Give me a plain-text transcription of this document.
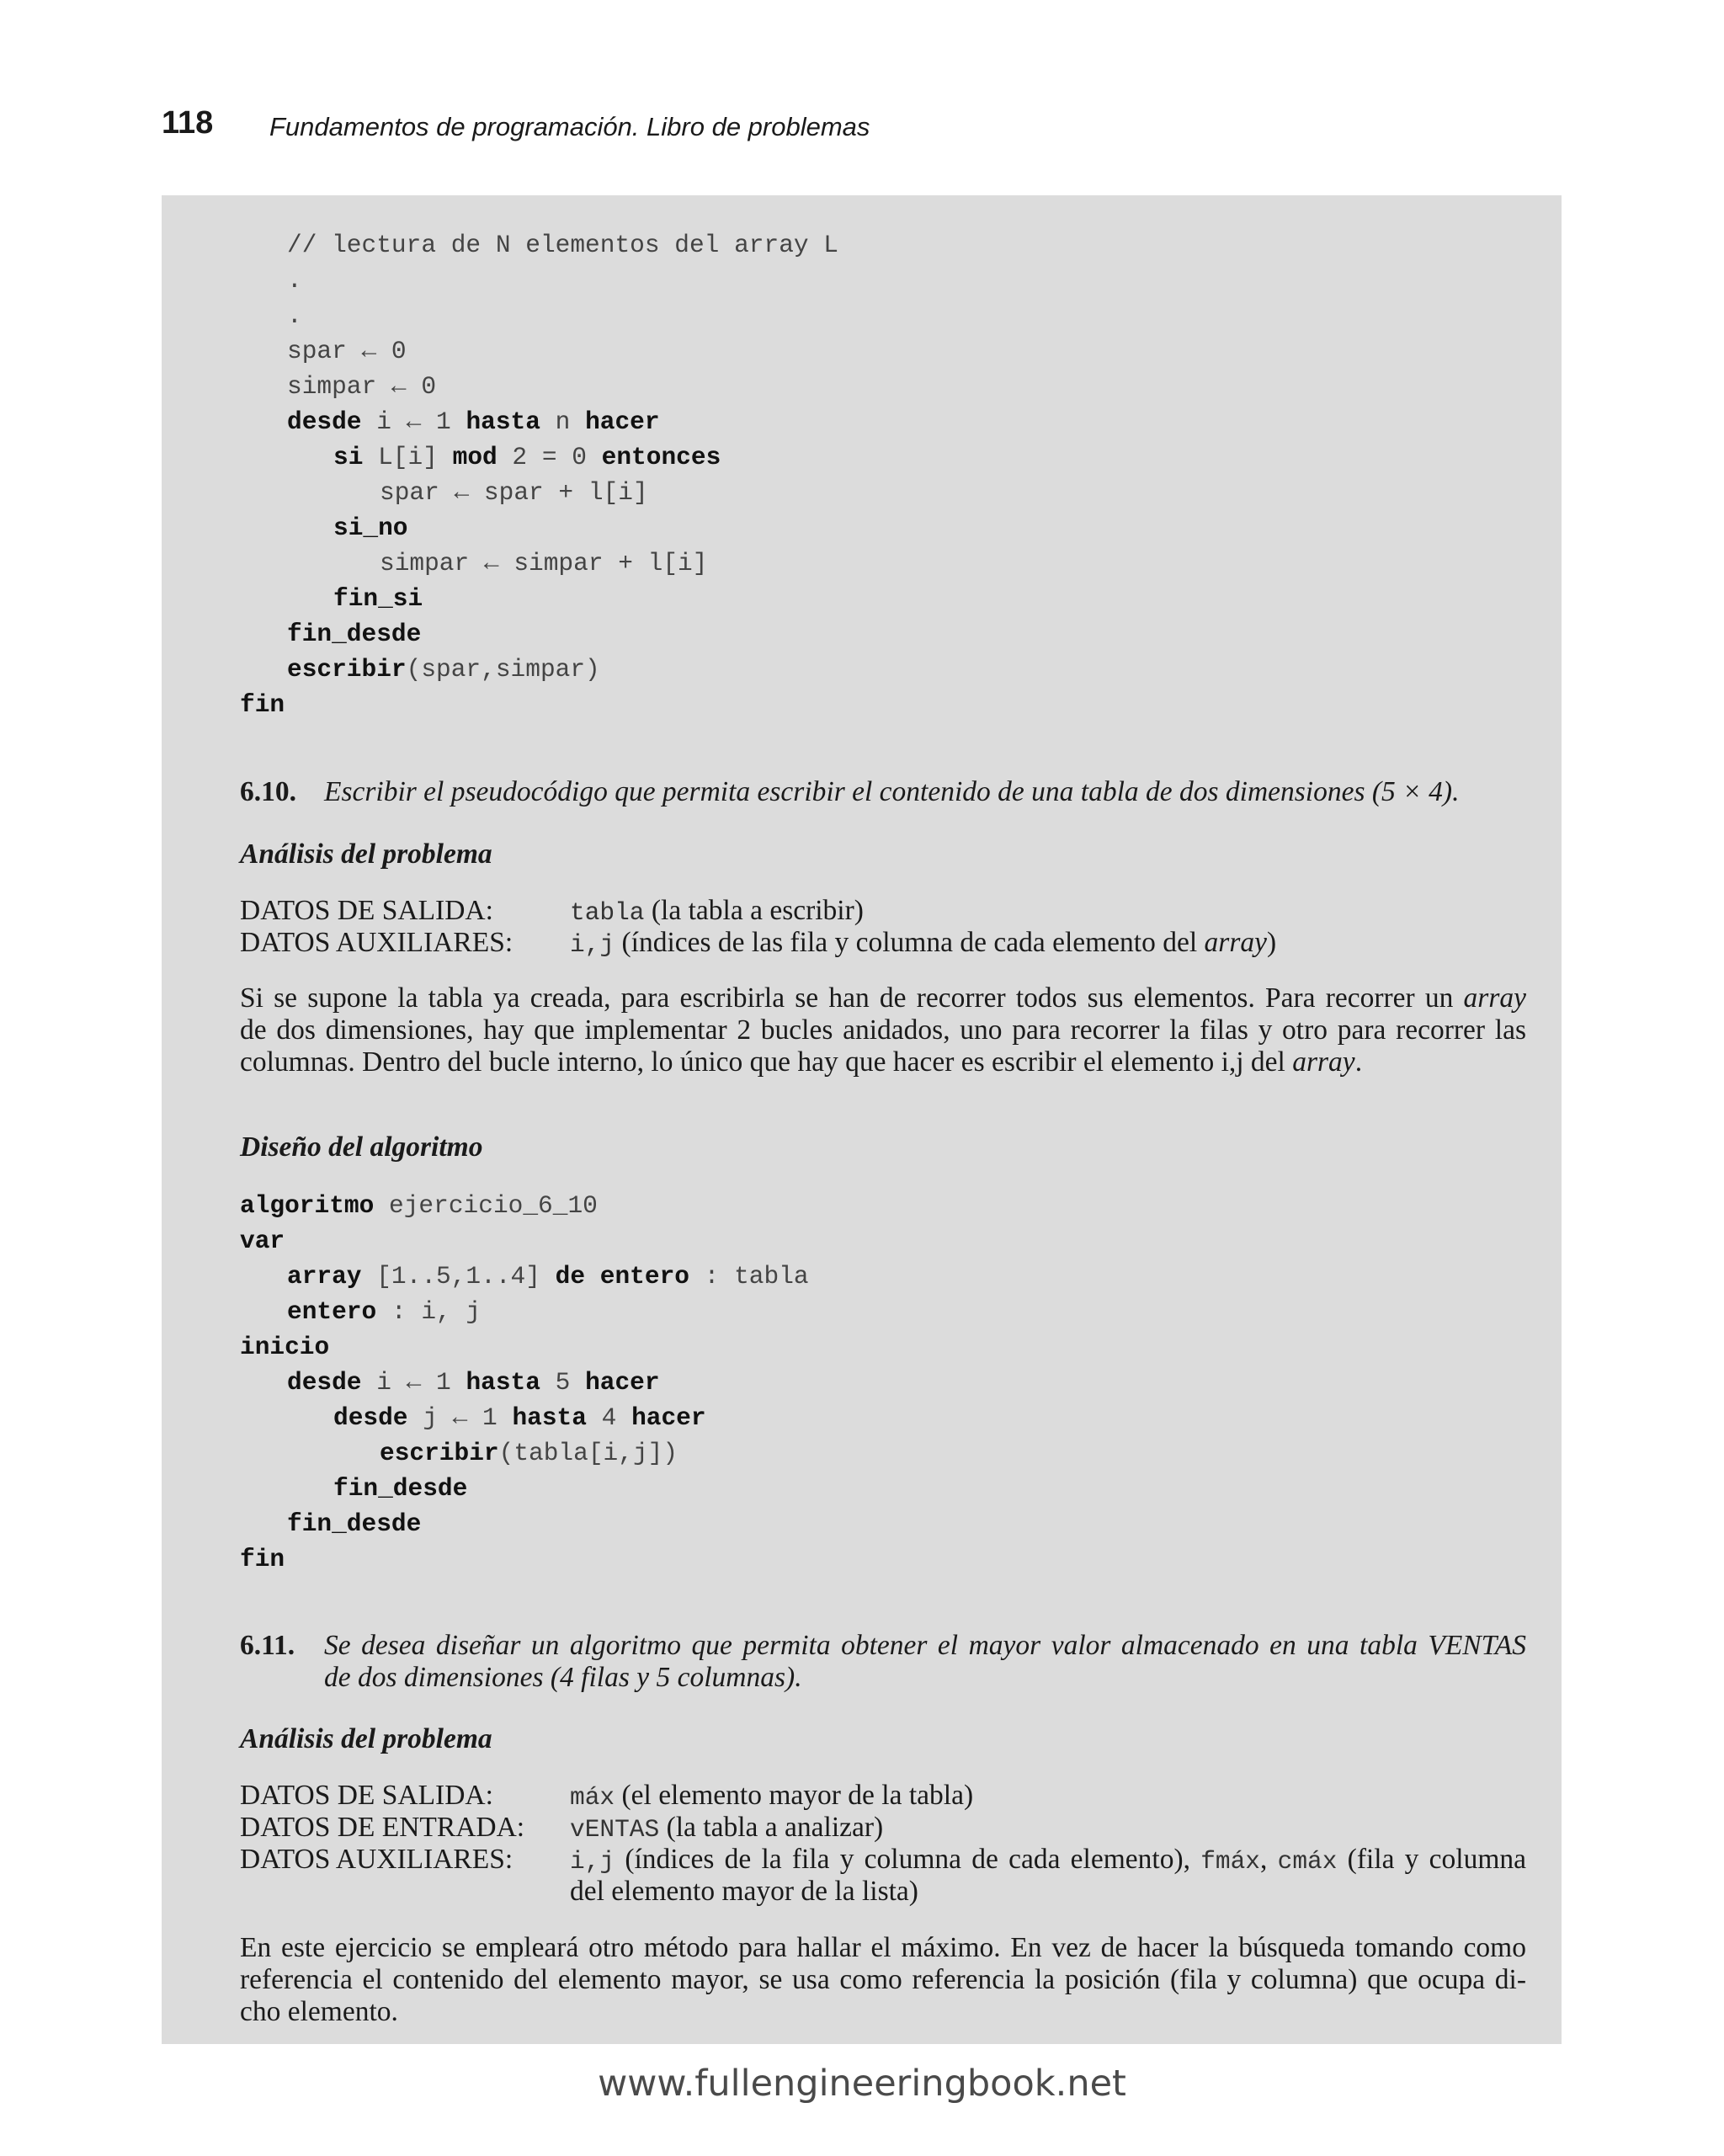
118 Fundamentos de programación. Libro de problemas
// lectura de N elementos del array L
.
.
spar ← 0
simpar ← 0
desde i ← 1 hasta n hacer
si L[i] mod 2 = 0 entonces
spar ← spar + l[i]
si_no
simpar ← simpar + l[i]
fin_si
fin_desde
escribir(spar,simpar)
fin
6.10. Escribir el pseudocódigo que permita escribir el contenido de una tabla de dos dimensiones (5 × 4).
Análisis del problema
DATOS DE SALIDA:	tabla (la tabla a escribir)
DATOS AUXILIARES: i,j (índices de las fila y columna de cada elemento del array)
Si se supone la tabla ya creada, para escribirla se han de recorrer todos sus elementos. Para recorrer un array
de dos dimensiones, hay que implementar 2 bucles anidados, uno para recorrer la filas y otro para recorrer las
columnas. Dentro del bucle interno, lo único que hay que hacer es escribir el elemento i,j del array.
Diseño del algoritmo
algoritmo ejercicio_6_10
var
array [1..5,1..4] de entero : tabla
entero : i, j
inicio
desde i ← 1 hasta 5 hacer
desde j ← 1 hasta 4 hacer
escribir(tabla[i,j])
fin_desde
fin_desde
fin
6.11. Se desea diseñar un algoritmo que permita obtener el mayor valor almacenado en una tabla VENTAS
de dos dimensiones (4 filas y 5 columnas).
Análisis del problema
DATOS DE SALIDA:	máx (el elemento mayor de la tabla)
DATOS DE ENTRADA: vENTAS (la tabla a analizar)
DATOS AUXILIARES: i,j (índices de la fila y columna de cada elemento), fmáx, cmáx (fila y columna
del elemento mayor de la lista)
En este ejercicio se empleará otro método para hallar el máximo. En vez de hacer la búsqueda tomando como
referencia el contenido del elemento mayor, se usa como referencia la posición (fila y columna) que ocupa di-
cho elemento.
www.fullengineeringbook.net
